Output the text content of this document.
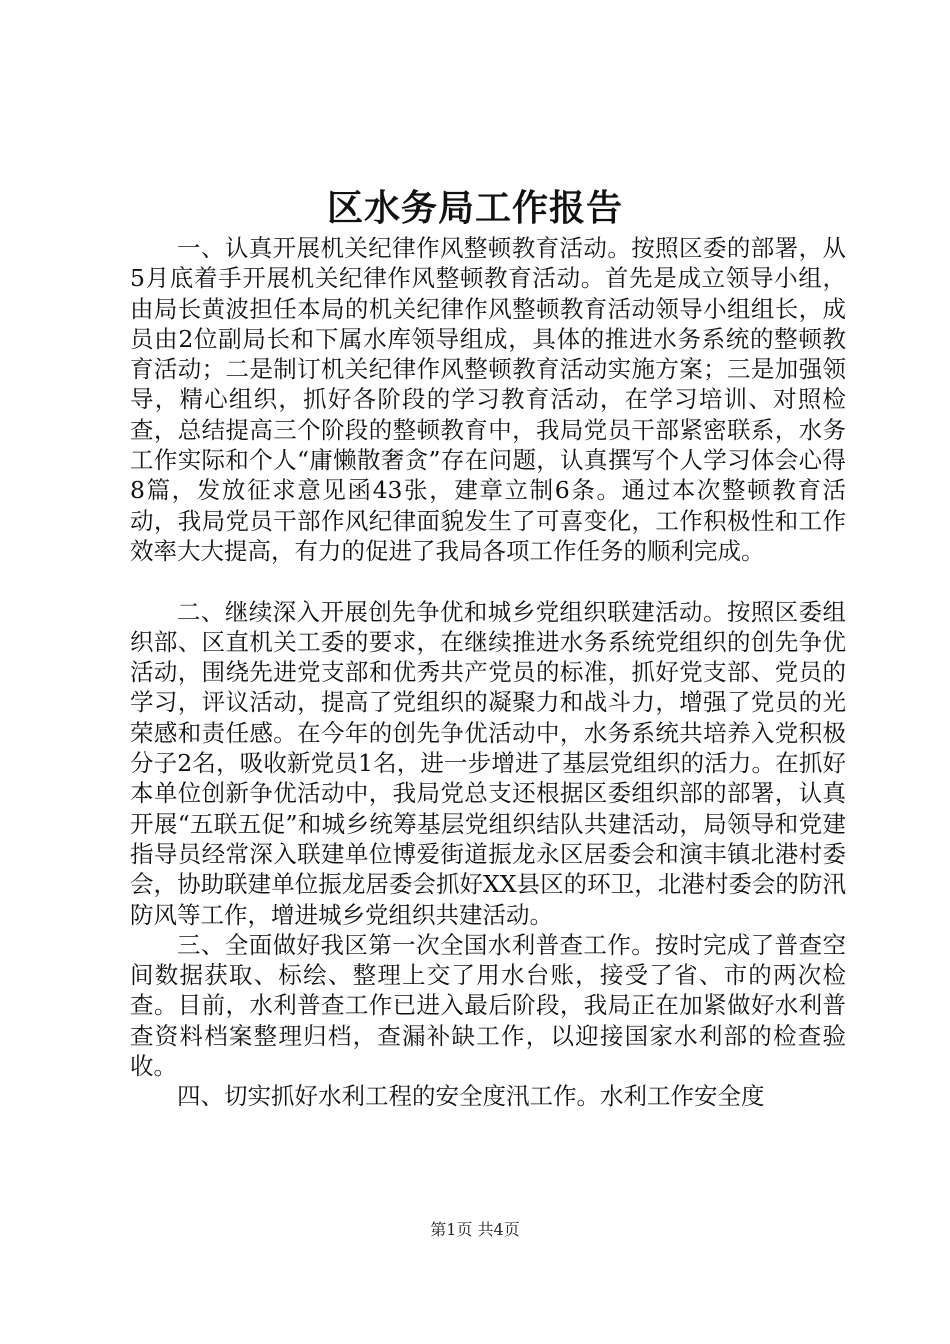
区水务局工作报告

一、认真开展机关纪律作风整顿教育活动。按照区委的部署，从5月底着手开展机关纪律作风整顿教育活动。首先是成立领导小组，由局长黄波担任本局的机关纪律作风整顿教育活动领导小组组长，成员由2位副局长和下属水库领导组成，具体的推进水务系统的整顿教育活动；二是制订机关纪律作风整顿教育活动实施方案；三是加强领导，精心组织，抓好各阶段的学习教育活动，在学习培训、对照检查，总结提高三个阶段的整顿教育中，我局党员干部紧密联系，水务工作实际和个人“庸懒散奢贪”存在问题，认真撰写个人学习体会心得8篇，发放征求意见函43张，建章立制6条。通过本次整顿教育活动，我局党员干部作风纪律面貌发生了可喜变化，工作积极性和工作效率大大提高，有力的促进了我局各项工作任务的顺利完成。

二、继续深入开展创先争优和城乡党组织联建活动。按照区委组织部、区直机关工委的要求，在继续推进水务系统党组织的创先争优活动，围绕先进党支部和优秀共产党员的标准，抓好党支部、党员的学习，评议活动，提高了党组织的凝聚力和战斗力，增强了党员的光荣感和责任感。在今年的创先争优活动中，水务系统共培养入党积极分子2名，吸收新党员1名，进一步增进了基层党组织的活力。在抓好本单位创新争优活动中，我局党总支还根据区委组织部的部署，认真开展“五联五促”和城乡统筹基层党组织结队共建活动，局领导和党建指导员经常深入联建单位博爱街道振龙永区居委会和演丰镇北港村委会，协助联建单位振龙居委会抓好XX县区的环卫，北港村委会的防汛防风等工作，增进城乡党组织共建活动。

三、全面做好我区第一次全国水利普查工作。按时完成了普查空间数据获取、标绘、整理上交了用水台账，接受了省、市的两次检查。目前，水利普查工作已进入最后阶段，我局正在加紧做好水利普查资料档案整理归档，查漏补缺工作，以迎接国家水利部的检查验收。

四、切实抓好水利工程的安全度汛工作。水利工作安全度

第1页 共4页
